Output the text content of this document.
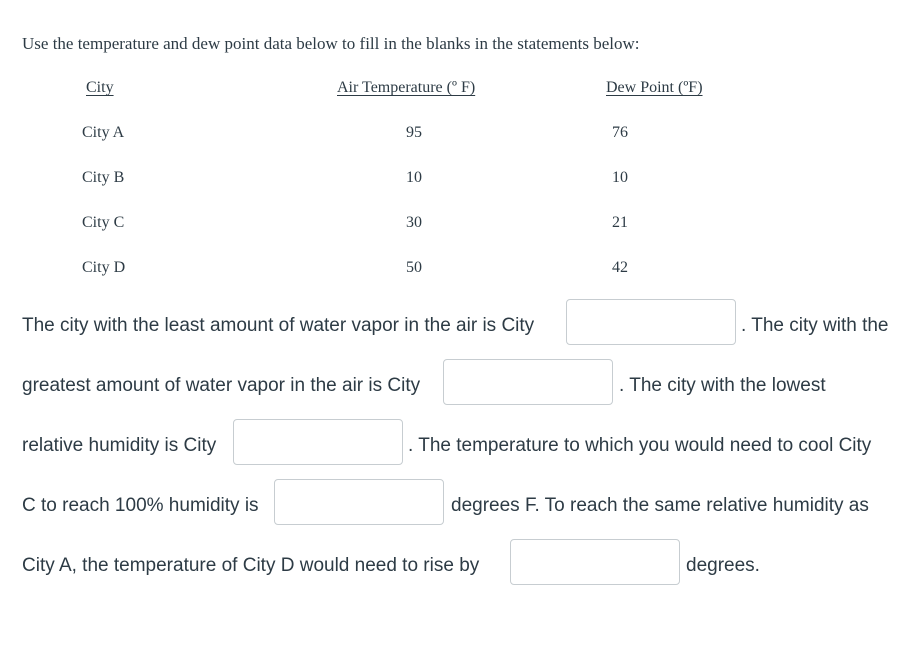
Use the temperature and dew point data below to fill in the blanks in the statements below:
City	Air Temperature (º F)	Dew Point (ºF)
City A	95	76
City B	10	10
City C	30	21
City D	50	42
The city with the least amount of water vapor in the air is City	. The city with the
greatest amount of water vapor in the air is City	. The city with the lowest
relative humidity is City	. The temperature to which you would need to cool City
C to reach 100% humidity is	degrees F. To reach the same relative humidity as
City A, the temperature of City D would need to rise by	degrees.
